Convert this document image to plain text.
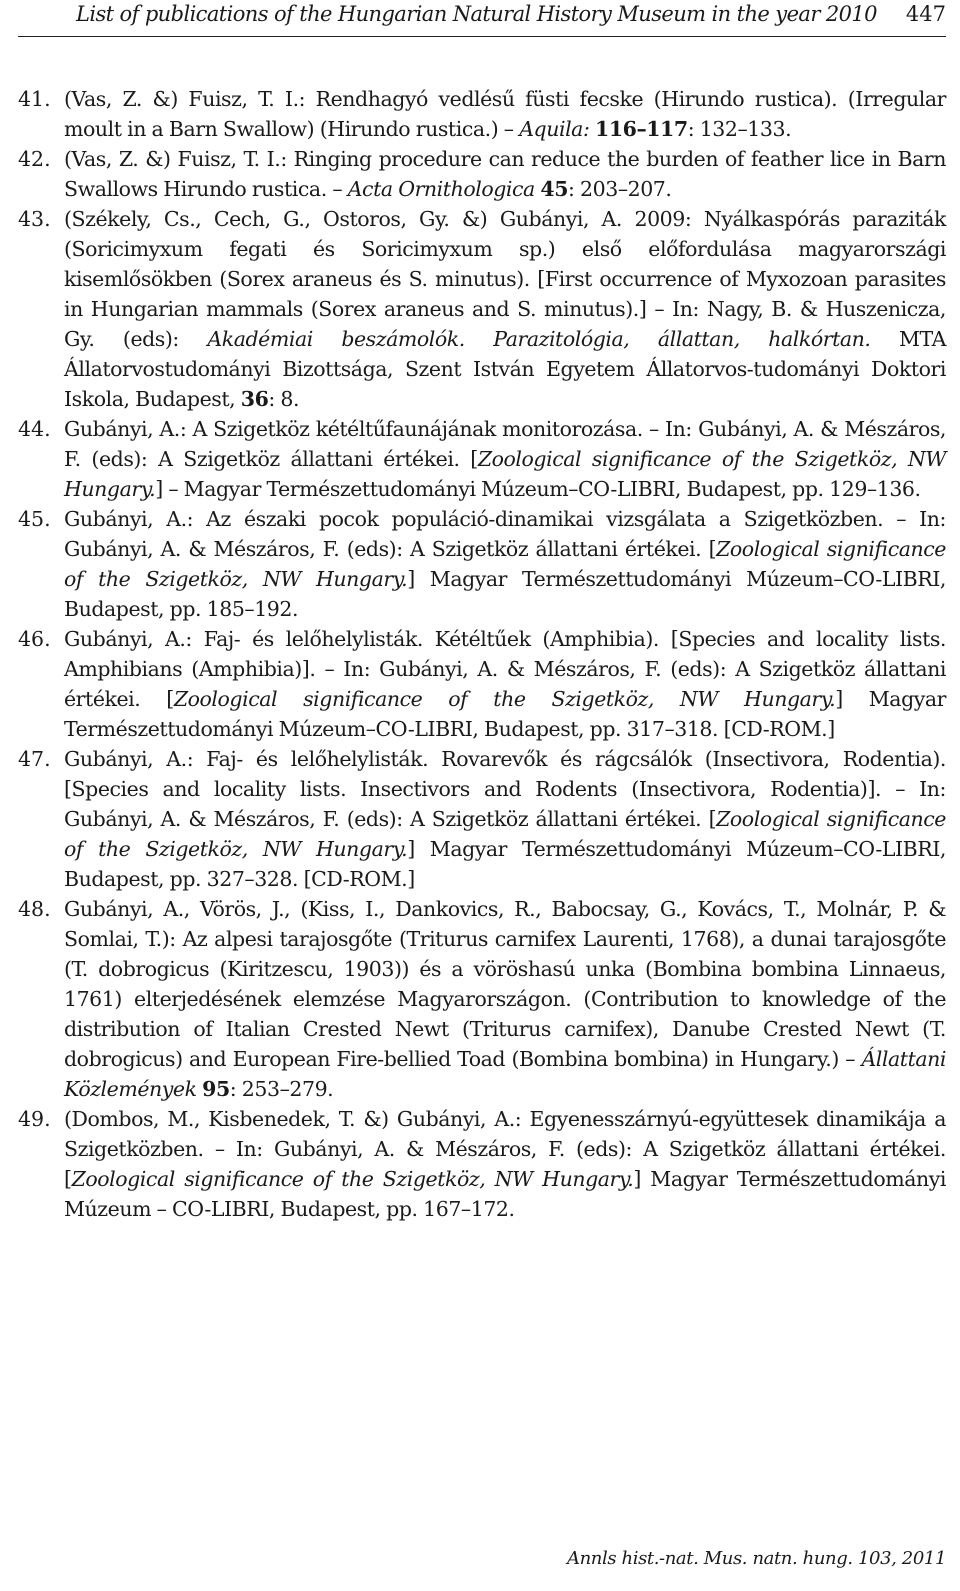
List of publications of the Hungarian Natural History Museum in the year 2010 447
41. (Vas, Z. &) Fuisz, T. I.: Rendhagyó vedlésű füsti fecske (Hirundo rustica). (Irregular moult in a Barn Swallow) (Hirundo rustica.) – Aquila: 116–117: 132–133.
42. (Vas, Z. &) Fuisz, T. I.: Ringing procedure can reduce the burden of feather lice in Barn Swallows Hirundo rustica. – Acta Ornithologica 45: 203–207.
43. (Székely, Cs., Cech, G., Ostoros, Gy. &) Gubányi, A. 2009: Nyálkaspórás paraziták (Soricimyxum fegati és Soricimyxum sp.) első előfordulása magyarországi kisemlősökben (Sorex araneus és S. minutus). [First occurrence of Myxozoan parasites in Hungarian mammals (Sorex araneus and S. minutus).] – In: Nagy, B. & Huszenicza, Gy. (eds): Akadémiai beszámolók. Parazitológia, állattan, halkórtan. MTA Állatorvostudományi Bizottsága, Szent István Egyetem Állatorvos-tudományi Doktori Iskola, Budapest, 36: 8.
44. Gubányi, A.: A Szigetköz kétéltűfaunájának monitorozása. – In: Gubányi, A. & Mészáros, F. (eds): A Szigetköz állattani értékei. [Zoological significance of the Szigetköz, NW Hungary.] – Magyar Természettudományi Múzeum–CO-LIBRI, Budapest, pp. 129–136.
45. Gubányi, A.: Az északi pocok populáció-dinamikai vizsgálata a Szigetközben. – In: Gubányi, A. & Mészáros, F. (eds): A Szigetköz állattani értékei. [Zoological significance of the Szigetköz, NW Hungary.] Magyar Természettudományi Múzeum–CO-LIBRI, Budapest, pp. 185–192.
46. Gubányi, A.: Faj- és lelőhelylisták. Kétéltűek (Amphibia). [Species and locality lists. Amphibians (Amphibia)]. – In: Gubányi, A. & Mészáros, F. (eds): A Szigetköz állattani értékei. [Zoological significance of the Szigetköz, NW Hungary.] Magyar Természettudományi Múzeum–CO-LIBRI, Budapest, pp. 317–318. [CD-ROM.]
47. Gubányi, A.: Faj- és lelőhelylisták. Rovarevők és rágcsálók (Insectivora, Rodentia). [Species and locality lists. Insectivors and Rodents (Insectivora, Rodentia)]. – In: Gubányi, A. & Mészáros, F. (eds): A Szigetköz állattani értékei. [Zoological significance of the Szigetköz, NW Hungary.] Magyar Természettudományi Múzeum–CO-LIBRI, Budapest, pp. 327–328. [CD-ROM.]
48. Gubányi, A., Vörös, J., (Kiss, I., Dankovics, R., Babocsay, G., Kovács, T., Molnár, P. & Somlai, T.): Az alpesi tarajosgőte (Triturus carnifex Laurenti, 1768), a dunai tarajosgőte (T. dobrogicus (Kiritzescu, 1903)) és a vöröshasú unka (Bombina bombina Linnaeus, 1761) elterjedésének elemzése Magyarországon. (Contribution to knowledge of the distribution of Italian Crested Newt (Triturus carnifex), Danube Crested Newt (T. dobrogicus) and European Fire-bellied Toad (Bombina bombina) in Hungary.) – Állattani Közlemények 95: 253–279.
49. (Dombos, M., Kisbenedek, T. &) Gubányi, A.: Egyenesszárnyú-együttesek dinamikája a Szigetközben. – In: Gubányi, A. & Mészáros, F. (eds): A Szigetköz állattani értékei. [Zoological significance of the Szigetköz, NW Hungary.] Magyar Természettudományi Múzeum – CO-LIBRI, Budapest, pp. 167–172.
Annls hist.-nat. Mus. natn. hung. 103, 2011
